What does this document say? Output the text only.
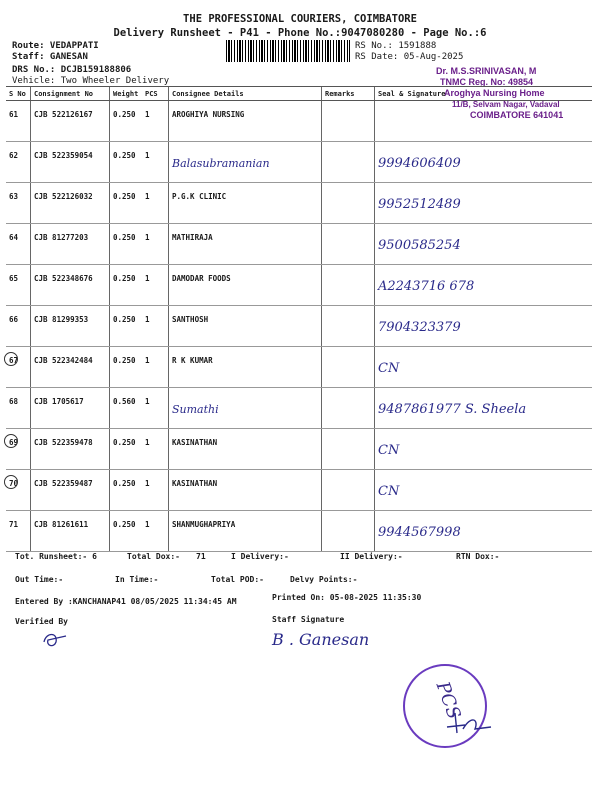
THE PROFESSIONAL COURIERS, COIMBATORE
Delivery Runsheet - P41 - Phone No.:9047080280 - Page No.:6
Route: VEDAPPATI
Staff: GANESAN
DRS No.: DCJB159188806
Vehicle: Two Wheeler Delivery
RS No.: 1591888
RS Date: 05-Aug-2025
Dr. M.S.SRINIVASAN, M
TNMC Reg. No: 49854
Aroghya Nursing Home
11/B, Selvam Nagar, Vadaval
COIMBATORE 641041
S No	Consignment No	Weight	PCS	Consignee Details	Remarks	Seal & Signature
61	CJB 522126167	0.250	1	AROGHIYA NURSING		
62	CJB 522359054	0.250	1	Balasubramanian		9994606409
63	CJB 522126032	0.250	1	P.G.K CLINIC		9952512489
64	CJB 81277203	0.250	1	MATHIRAJA		9500585254
65	CJB 522348676	0.250	1	DAMODAR FOODS		A2243716 678
66	CJB 81299353	0.250	1	SANTHOSH		7904323379
67	CJB 522342484	0.250	1	R K KUMAR		CN
68	CJB 1705617	0.560	1	Sumathi		9487861977 S. Sheela
69	CJB 522359478	0.250	1	KASINATHAN		CN
70	CJB 522359487	0.250	1	KASINATHAN		CN
71	CJB 81261611	0.250	1	SHANMUGHAPRIYA		9944567998
Tot. Runsheet:- 6	Total Dox:- 71	I Delivery:-	II Delivery:-	RTN Dox:-
Out Time:-	In Time:-	Total POD:-	Delvy Points:-
Entered By :KANCHANAP41 08/05/2025 11:34:45 AM	Printed On: 05-08-2025 11:35:30
Verified By	Staff Signature
B . Ganesan
PCS
